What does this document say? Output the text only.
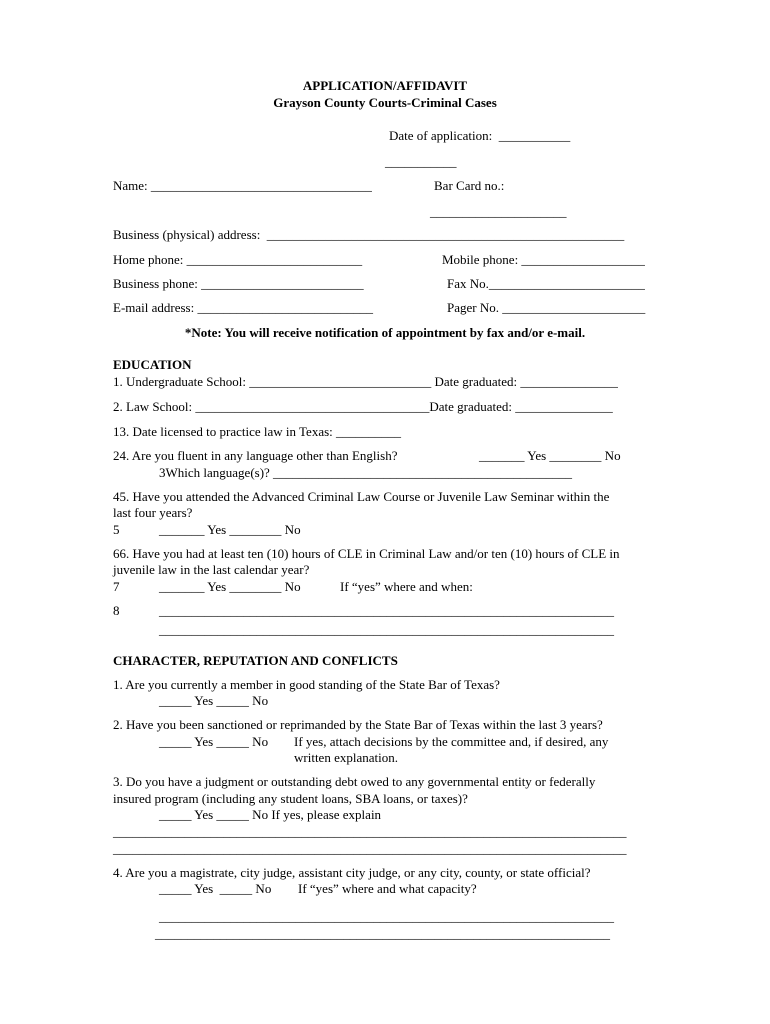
APPLICATION/AFFIDAVIT
Grayson County Courts-Criminal Cases
Date of application:  ___________
___________
Name: __________________________________	Bar Card no.:
_____________________
Business (physical) address:  _______________________________________________________
Home phone: ___________________________	Mobile phone: ___________________
Business phone: _________________________	Fax No.________________________
E-mail address: ___________________________	Pager No. ______________________
*Note: You will receive notification of appointment by fax and/or e-mail.
EDUCATION
1. Undergraduate School: ____________________________ Date graduated: _______________
2. Law School: ____________________________________Date graduated: _______________
13. Date licensed to practice law in Texas: __________
24. Are you fluent in any language other than English?	_______ Yes ________ No
3Which language(s)? ______________________________________________
45. Have you attended the Advanced Criminal Law Course or Juvenile Law Seminar within the
last four years?
5	_______ Yes ________ No
66. Have you had at least ten (10) hours of CLE in Criminal Law and/or ten (10) hours of CLE in
juvenile law in the last calendar year?
7	_______ Yes ________ No	If “yes” where and when:
8	______________________________________________________________________
______________________________________________________________________
CHARACTER, REPUTATION AND CONFLICTS
1. Are you currently a member in good standing of the State Bar of Texas?
_____ Yes _____ No
2. Have you been sanctioned or reprimanded by the State Bar of Texas within the last 3 years?
_____ Yes _____ No If yes, attach decisions by the committee and, if desired, any
written explanation.
3. Do you have a judgment or outstanding debt owed to any governmental entity or federally
insured program (including any student loans, SBA loans, or taxes)?
_____ Yes _____ No If yes, please explain
_______________________________________________________________________________
_______________________________________________________________________________
4. Are you a magistrate, city judge, assistant city judge, or any city, county, or state official?
_____ Yes  _____ No If “yes” where and what capacity?
______________________________________________________________________
______________________________________________________________________
